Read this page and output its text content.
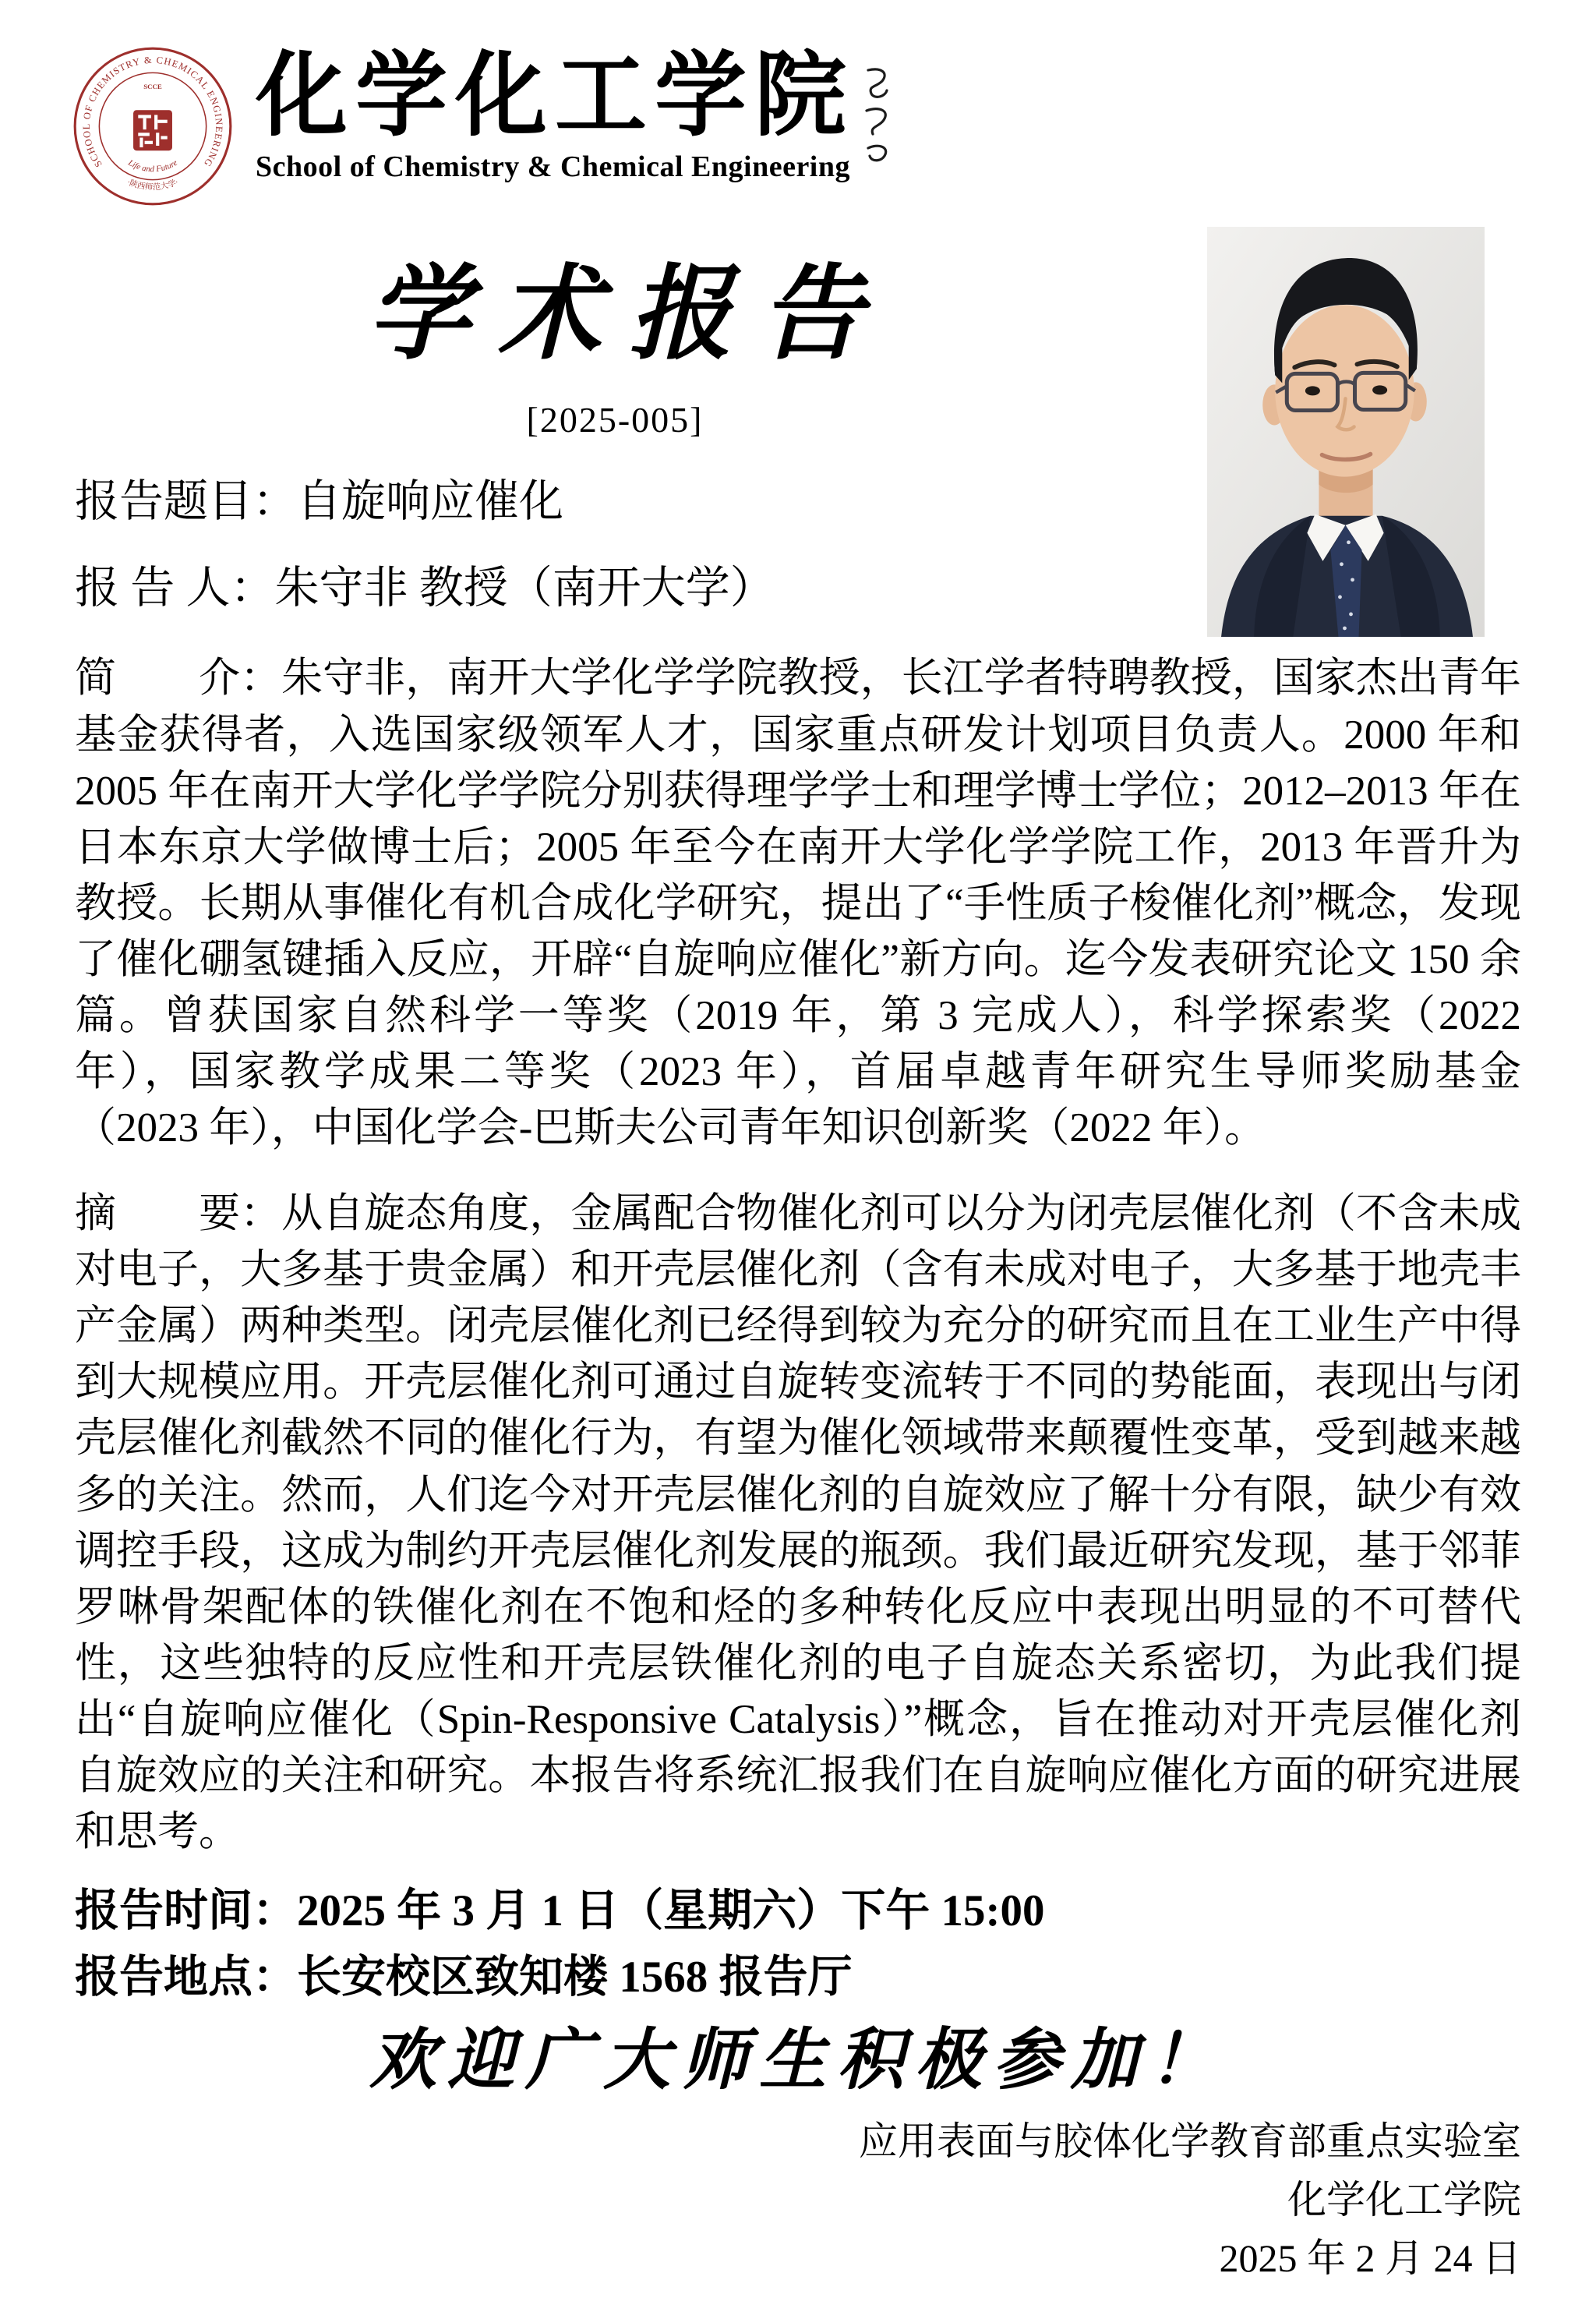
SCHOOL OF CHEMISTRY & CHEMICAL ENGINEERING
·陕西师范大学·
Life and Future
SCCE 化学化工学院
School of Chemistry & Chemical Engineering
学术报告
[2025-005]

报告题目：自旋响应催化

报 告 人：朱守非 教授（南开大学）

简　　介：朱守非，南开大学化学学院教授，长江学者特聘教授，国家杰出青年基金获得者，入选国家级领军人才，国家重点研发计划项目负责人。2000 年和 2005 年在南开大学化学学院分别获得理学学士和理学博士学位；2012–2013 年在日本东京大学做博士后；2005 年至今在南开大学化学学院工作，2013 年晋升为教授。长期从事催化有机合成化学研究，提出了“手性质子梭催化剂”概念，发现了催化硼氢键插入反应，开辟“自旋响应催化”新方向。迄今发表研究论文 150 余篇。曾获国家自然科学一等奖（2019 年，第 3 完成人），科学探索奖（2022 年），国家教学成果二等奖（2023 年），首届卓越青年研究生导师奖励基金（2023 年），中国化学会-巴斯夫公司青年知识创新奖（2022 年）。

摘　　要：从自旋态角度，金属配合物催化剂可以分为闭壳层催化剂（不含未成对电子，大多基于贵金属）和开壳层催化剂（含有未成对电子，大多基于地壳丰产金属）两种类型。闭壳层催化剂已经得到较为充分的研究而且在工业生产中得到大规模应用。开壳层催化剂可通过自旋转变流转于不同的势能面，表现出与闭壳层催化剂截然不同的催化行为，有望为催化领域带来颠覆性变革，受到越来越多的关注。然而，人们迄今对开壳层催化剂的自旋效应了解十分有限，缺少有效调控手段，这成为制约开壳层催化剂发展的瓶颈。我们最近研究发现，基于邻菲罗啉骨架配体的铁催化剂在不饱和烃的多种转化反应中表现出明显的不可替代性，这些独特的反应性和开壳层铁催化剂的电子自旋态关系密切，为此我们提出“自旋响应催化（Spin-Responsive Catalysis）”概念，旨在推动对开壳层催化剂自旋效应的关注和研究。本报告将系统汇报我们在自旋响应催化方面的研究进展和思考。

报告时间：2025 年 3 月 1 日（星期六）下午 15:00

报告地点：长安校区致知楼 1568 报告厅

欢迎广大师生积极参加！
应用表面与胶体化学教育部重点实验室
化学化工学院
2025 年 2 月 24 日
